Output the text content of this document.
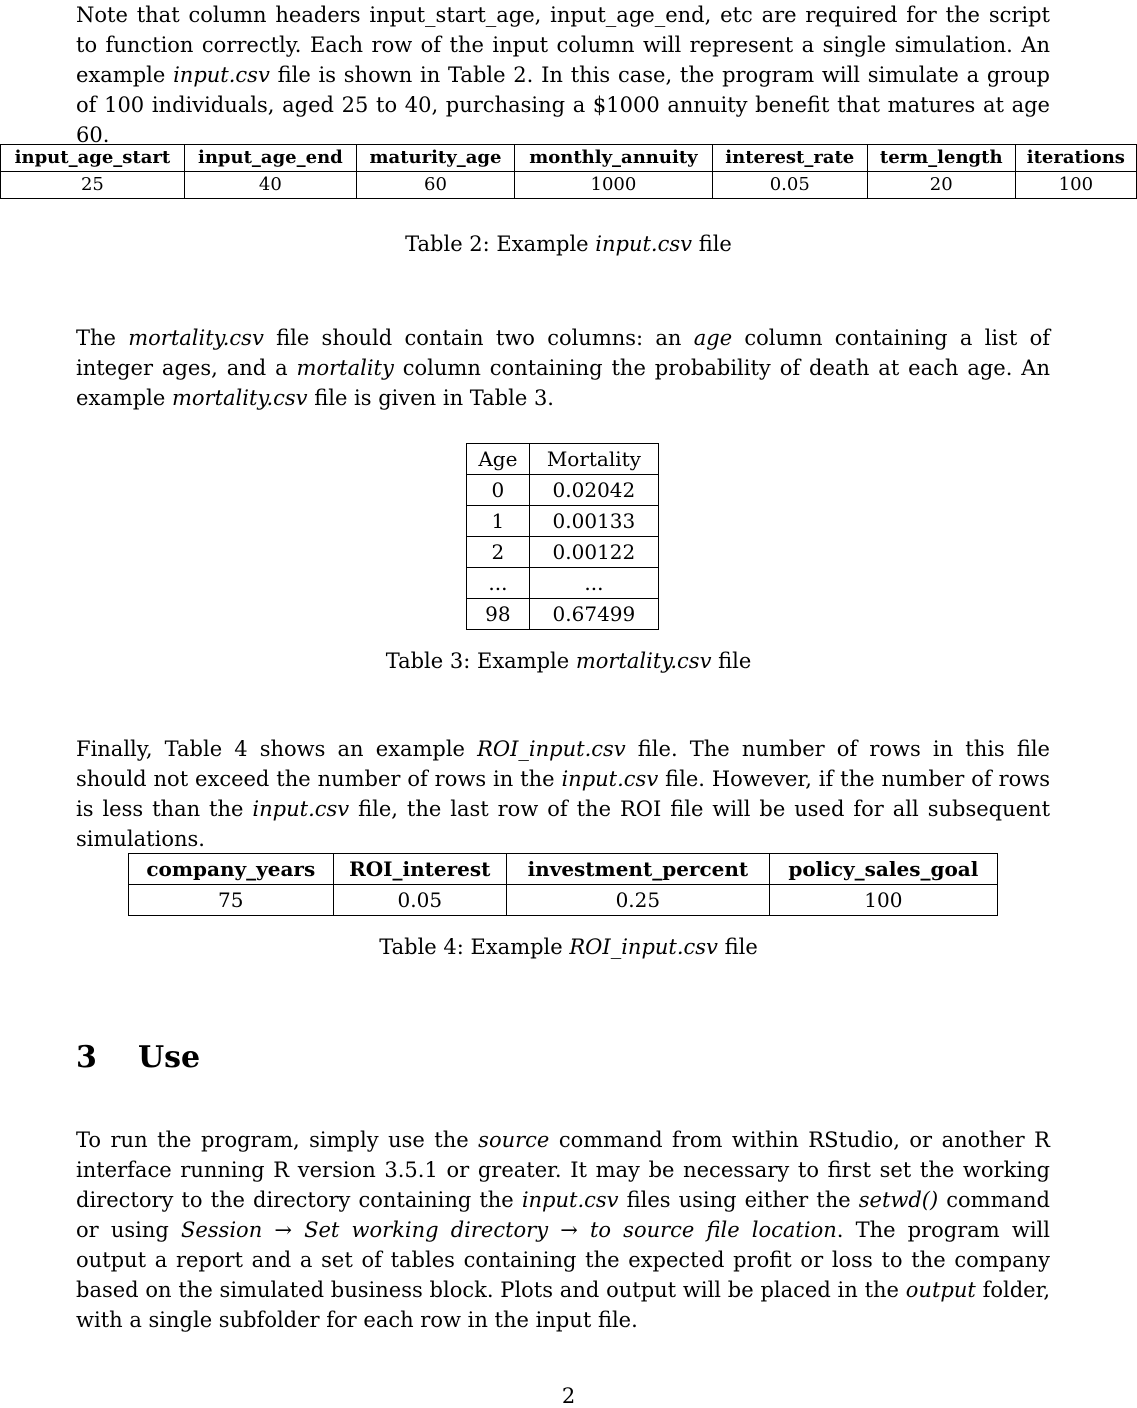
Note that column headers input_start_age, input_age_end, etc are required for the script to function correctly. Each row of the input column will represent a single simulation. An example input.csv file is shown in Table 2. In this case, the program will simulate a group of 100 individuals, aged 25 to 40, purchasing a $1000 annuity benefit that matures at age 60.

input_age_start	input_age_end	maturity_age	monthly_annuity	interest_rate	term_length	iterations
25	40	60	1000	0.05	20	100

Table 2: Example input.csv file

The mortality.csv file should contain two columns: an age column containing a list of integer ages, and a mortality column containing the probability of death at each age. An example mortality.csv file is given in Table 3.

Age	Mortality
0	0.02042
1	0.00133
2	0.00122
...	...
98	0.67499

Table 3: Example mortality.csv file

Finally, Table 4 shows an example ROI_input.csv file. The number of rows in this file should not exceed the number of rows in the input.csv file. However, if the number of rows is less than the input.csv file, the last row of the ROI file will be used for all subsequent simulations.

company_years	ROI_interest	investment_percent	policy_sales_goal
75	0.05	0.25	100

Table 4: Example ROI_input.csv file

3 Use

To run the program, simply use the source command from within RStudio, or another R interface running R version 3.5.1 or greater. It may be necessary to first set the working directory to the directory containing the input.csv files using either the setwd() command or using Session → Set working directory → to source file location. The program will output a report and a set of tables containing the expected profit or loss to the company based on the simulated business block. Plots and output will be placed in the output folder, with a single subfolder for each row in the input file.

2
